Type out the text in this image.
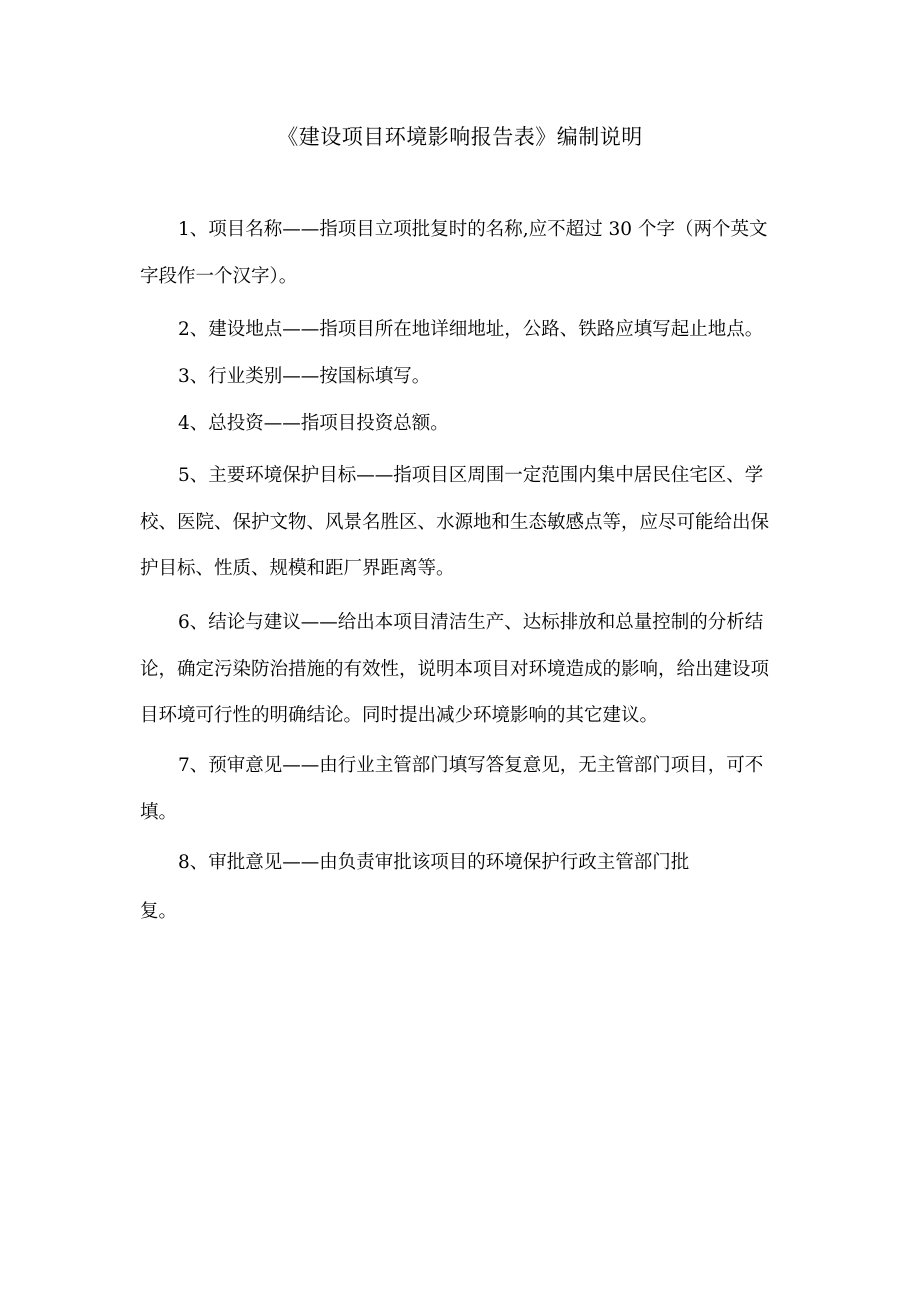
《建设项目环境影响报告表》编制说明
1、项目名称——指项目立项批复时的名称,应不超过 30 个字（两个英文
字段作一个汉字）。
2、建设地点——指项目所在地详细地址，公路、铁路应填写起止地点。
3、行业类别——按国标填写。
4、总投资——指项目投资总额。
5、主要环境保护目标——指项目区周围一定范围内集中居民住宅区、学
校、医院、保护文物、风景名胜区、水源地和生态敏感点等，应尽可能给出保
护目标、性质、规模和距厂界距离等。
6、结论与建议——给出本项目清洁生产、达标排放和总量控制的分析结
论，确定污染防治措施的有效性，说明本项目对环境造成的影响，给出建设项
目环境可行性的明确结论。同时提出减少环境影响的其它建议。
7、预审意见——由行业主管部门填写答复意见，无主管部门项目，可不
填。
8、审批意见——由负责审批该项目的环境保护行政主管部门批
复。
